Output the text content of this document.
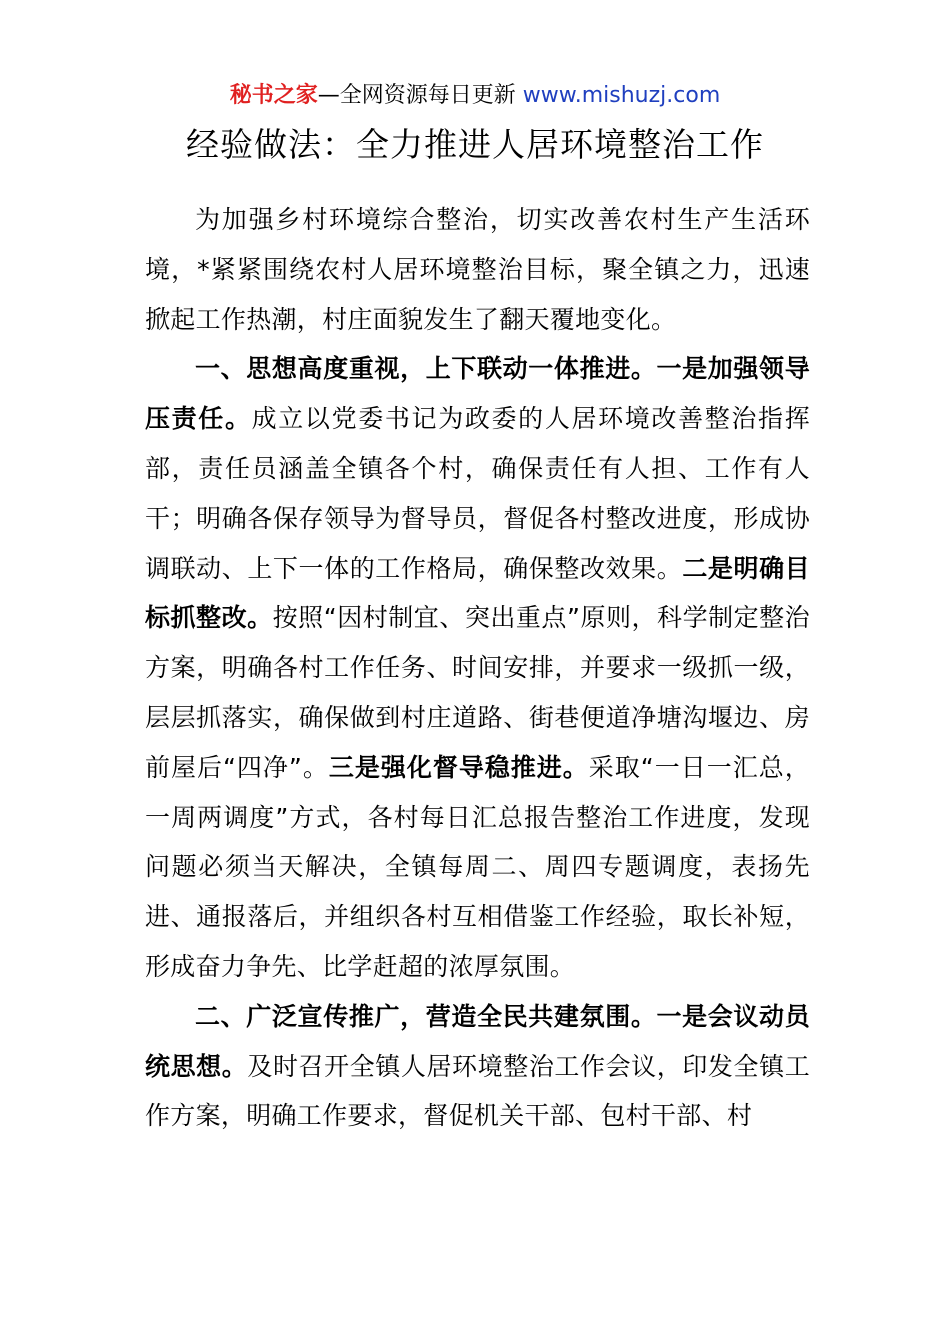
秘书之家—全网资源每日更新 www.mishuzj.com
经验做法：全力推进人居环境整治工作

为加强乡村环境综合整治，切实改善农村生产生活环境，*紧紧围绕农村人居环境整治目标，聚全镇之力，迅速掀起工作热潮，村庄面貌发生了翻天覆地变化。

一、思想高度重视，上下联动一体推进。一是加强领导压责任。成立以党委书记为政委的人居环境改善整治指挥部，责任员涵盖全镇各个村，确保责任有人担、工作有人干；明确各保存领导为督导员，督促各村整改进度，形成协调联动、上下一体的工作格局，确保整改效果。二是明确目标抓整改。按照“因村制宜、突出重点”原则，科学制定整治方案，明确各村工作任务、时间安排，并要求一级抓一级，层层抓落实，确保做到村庄道路、街巷便道净塘沟堰边、房前屋后“四净”。三是强化督导稳推进。采取“一日一汇总，一周两调度”方式，各村每日汇总报告整治工作进度，发现问题必须当天解决，全镇每周二、周四专题调度，表扬先进、通报落后，并组织各村互相借鉴工作经验，取长补短，形成奋力争先、比学赶超的浓厚氛围。

二、广泛宣传推广，营造全民共建氛围。一是会议动员统思想。及时召开全镇人居环境整治工作会议，印发全镇工作方案，明确工作要求，督促机关干部、包村干部、村
